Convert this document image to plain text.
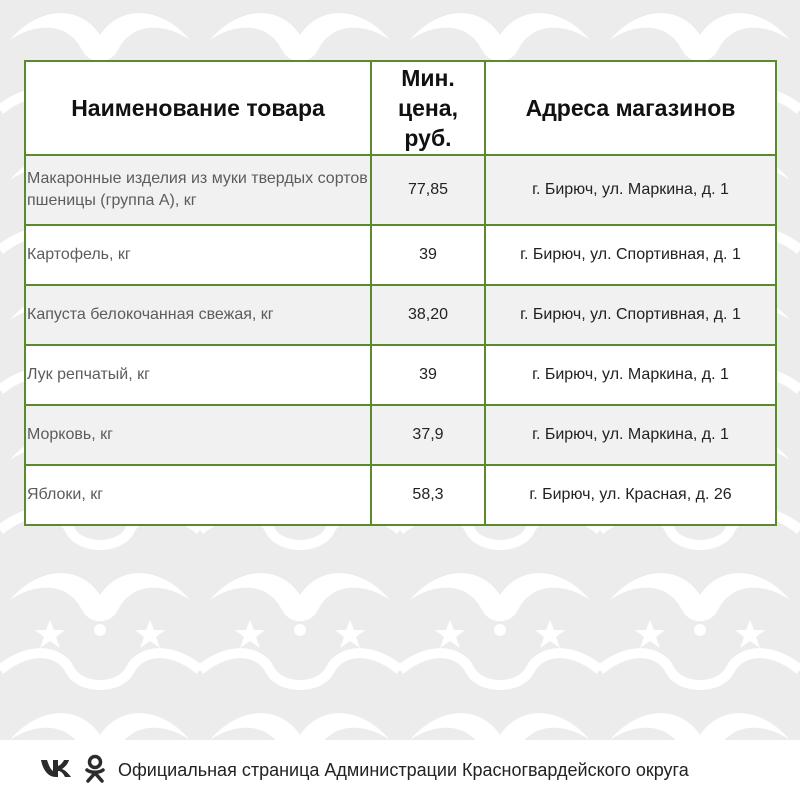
Наименование товара	Мин.
цена,
руб.	Адреса магазинов
Макаронные изделия из муки твердых сортов пшеницы (группа А), кг	77,85	г. Бирюч, ул. Маркина, д. 1
Картофель, кг	39	г. Бирюч, ул. Спортивная, д. 1
Капуста белокочанная свежая, кг	38,20	г. Бирюч, ул. Спортивная, д. 1
Лук репчатый, кг	39	г. Бирюч, ул. Маркина, д. 1
Морковь, кг	37,9	г. Бирюч, ул. Маркина, д. 1
Яблоки, кг	58,3	г. Бирюч, ул. Красная, д. 26
Официальная страница Администрации Красногвардейского округа
